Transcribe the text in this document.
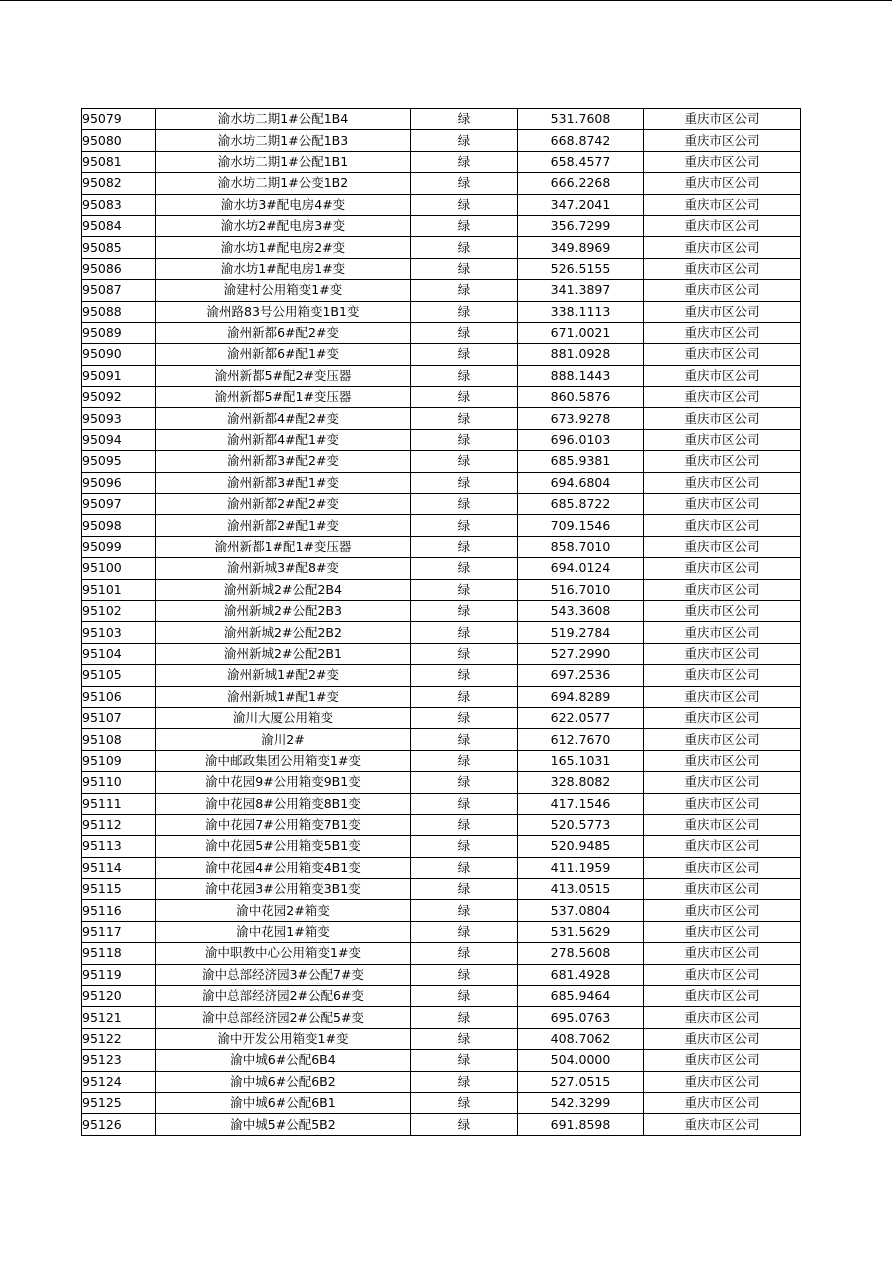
95079	渝水坊二期1#公配1B4	绿	531.7608	重庆市区公司
95080	渝水坊二期1#公配1B3	绿	668.8742	重庆市区公司
95081	渝水坊二期1#公配1B1	绿	658.4577	重庆市区公司
95082	渝水坊二期1#公变1B2	绿	666.2268	重庆市区公司
95083	渝水坊3#配电房4#变	绿	347.2041	重庆市区公司
95084	渝水坊2#配电房3#变	绿	356.7299	重庆市区公司
95085	渝水坊1#配电房2#变	绿	349.8969	重庆市区公司
95086	渝水坊1#配电房1#变	绿	526.5155	重庆市区公司
95087	渝建村公用箱变1#变	绿	341.3897	重庆市区公司
95088	渝州路83号公用箱变1B1变	绿	338.1113	重庆市区公司
95089	渝州新都6#配2#变	绿	671.0021	重庆市区公司
95090	渝州新都6#配1#变	绿	881.0928	重庆市区公司
95091	渝州新都5#配2#变压器	绿	888.1443	重庆市区公司
95092	渝州新都5#配1#变压器	绿	860.5876	重庆市区公司
95093	渝州新都4#配2#变	绿	673.9278	重庆市区公司
95094	渝州新都4#配1#变	绿	696.0103	重庆市区公司
95095	渝州新都3#配2#变	绿	685.9381	重庆市区公司
95096	渝州新都3#配1#变	绿	694.6804	重庆市区公司
95097	渝州新都2#配2#变	绿	685.8722	重庆市区公司
95098	渝州新都2#配1#变	绿	709.1546	重庆市区公司
95099	渝州新都1#配1#变压器	绿	858.7010	重庆市区公司
95100	渝州新城3#配8#变	绿	694.0124	重庆市区公司
95101	渝州新城2#公配2B4	绿	516.7010	重庆市区公司
95102	渝州新城2#公配2B3	绿	543.3608	重庆市区公司
95103	渝州新城2#公配2B2	绿	519.2784	重庆市区公司
95104	渝州新城2#公配2B1	绿	527.2990	重庆市区公司
95105	渝州新城1#配2#变	绿	697.2536	重庆市区公司
95106	渝州新城1#配1#变	绿	694.8289	重庆市区公司
95107	渝川大厦公用箱变	绿	622.0577	重庆市区公司
95108	渝川2#	绿	612.7670	重庆市区公司
95109	渝中邮政集团公用箱变1#变	绿	165.1031	重庆市区公司
95110	渝中花园9#公用箱变9B1变	绿	328.8082	重庆市区公司
95111	渝中花园8#公用箱变8B1变	绿	417.1546	重庆市区公司
95112	渝中花园7#公用箱变7B1变	绿	520.5773	重庆市区公司
95113	渝中花园5#公用箱变5B1变	绿	520.9485	重庆市区公司
95114	渝中花园4#公用箱变4B1变	绿	411.1959	重庆市区公司
95115	渝中花园3#公用箱变3B1变	绿	413.0515	重庆市区公司
95116	渝中花园2#箱变	绿	537.0804	重庆市区公司
95117	渝中花园1#箱变	绿	531.5629	重庆市区公司
95118	渝中职教中心公用箱变1#变	绿	278.5608	重庆市区公司
95119	渝中总部经济园3#公配7#变	绿	681.4928	重庆市区公司
95120	渝中总部经济园2#公配6#变	绿	685.9464	重庆市区公司
95121	渝中总部经济园2#公配5#变	绿	695.0763	重庆市区公司
95122	渝中开发公用箱变1#变	绿	408.7062	重庆市区公司
95123	渝中城6#公配6B4	绿	504.0000	重庆市区公司
95124	渝中城6#公配6B2	绿	527.0515	重庆市区公司
95125	渝中城6#公配6B1	绿	542.3299	重庆市区公司
95126	渝中城5#公配5B2	绿	691.8598	重庆市区公司
